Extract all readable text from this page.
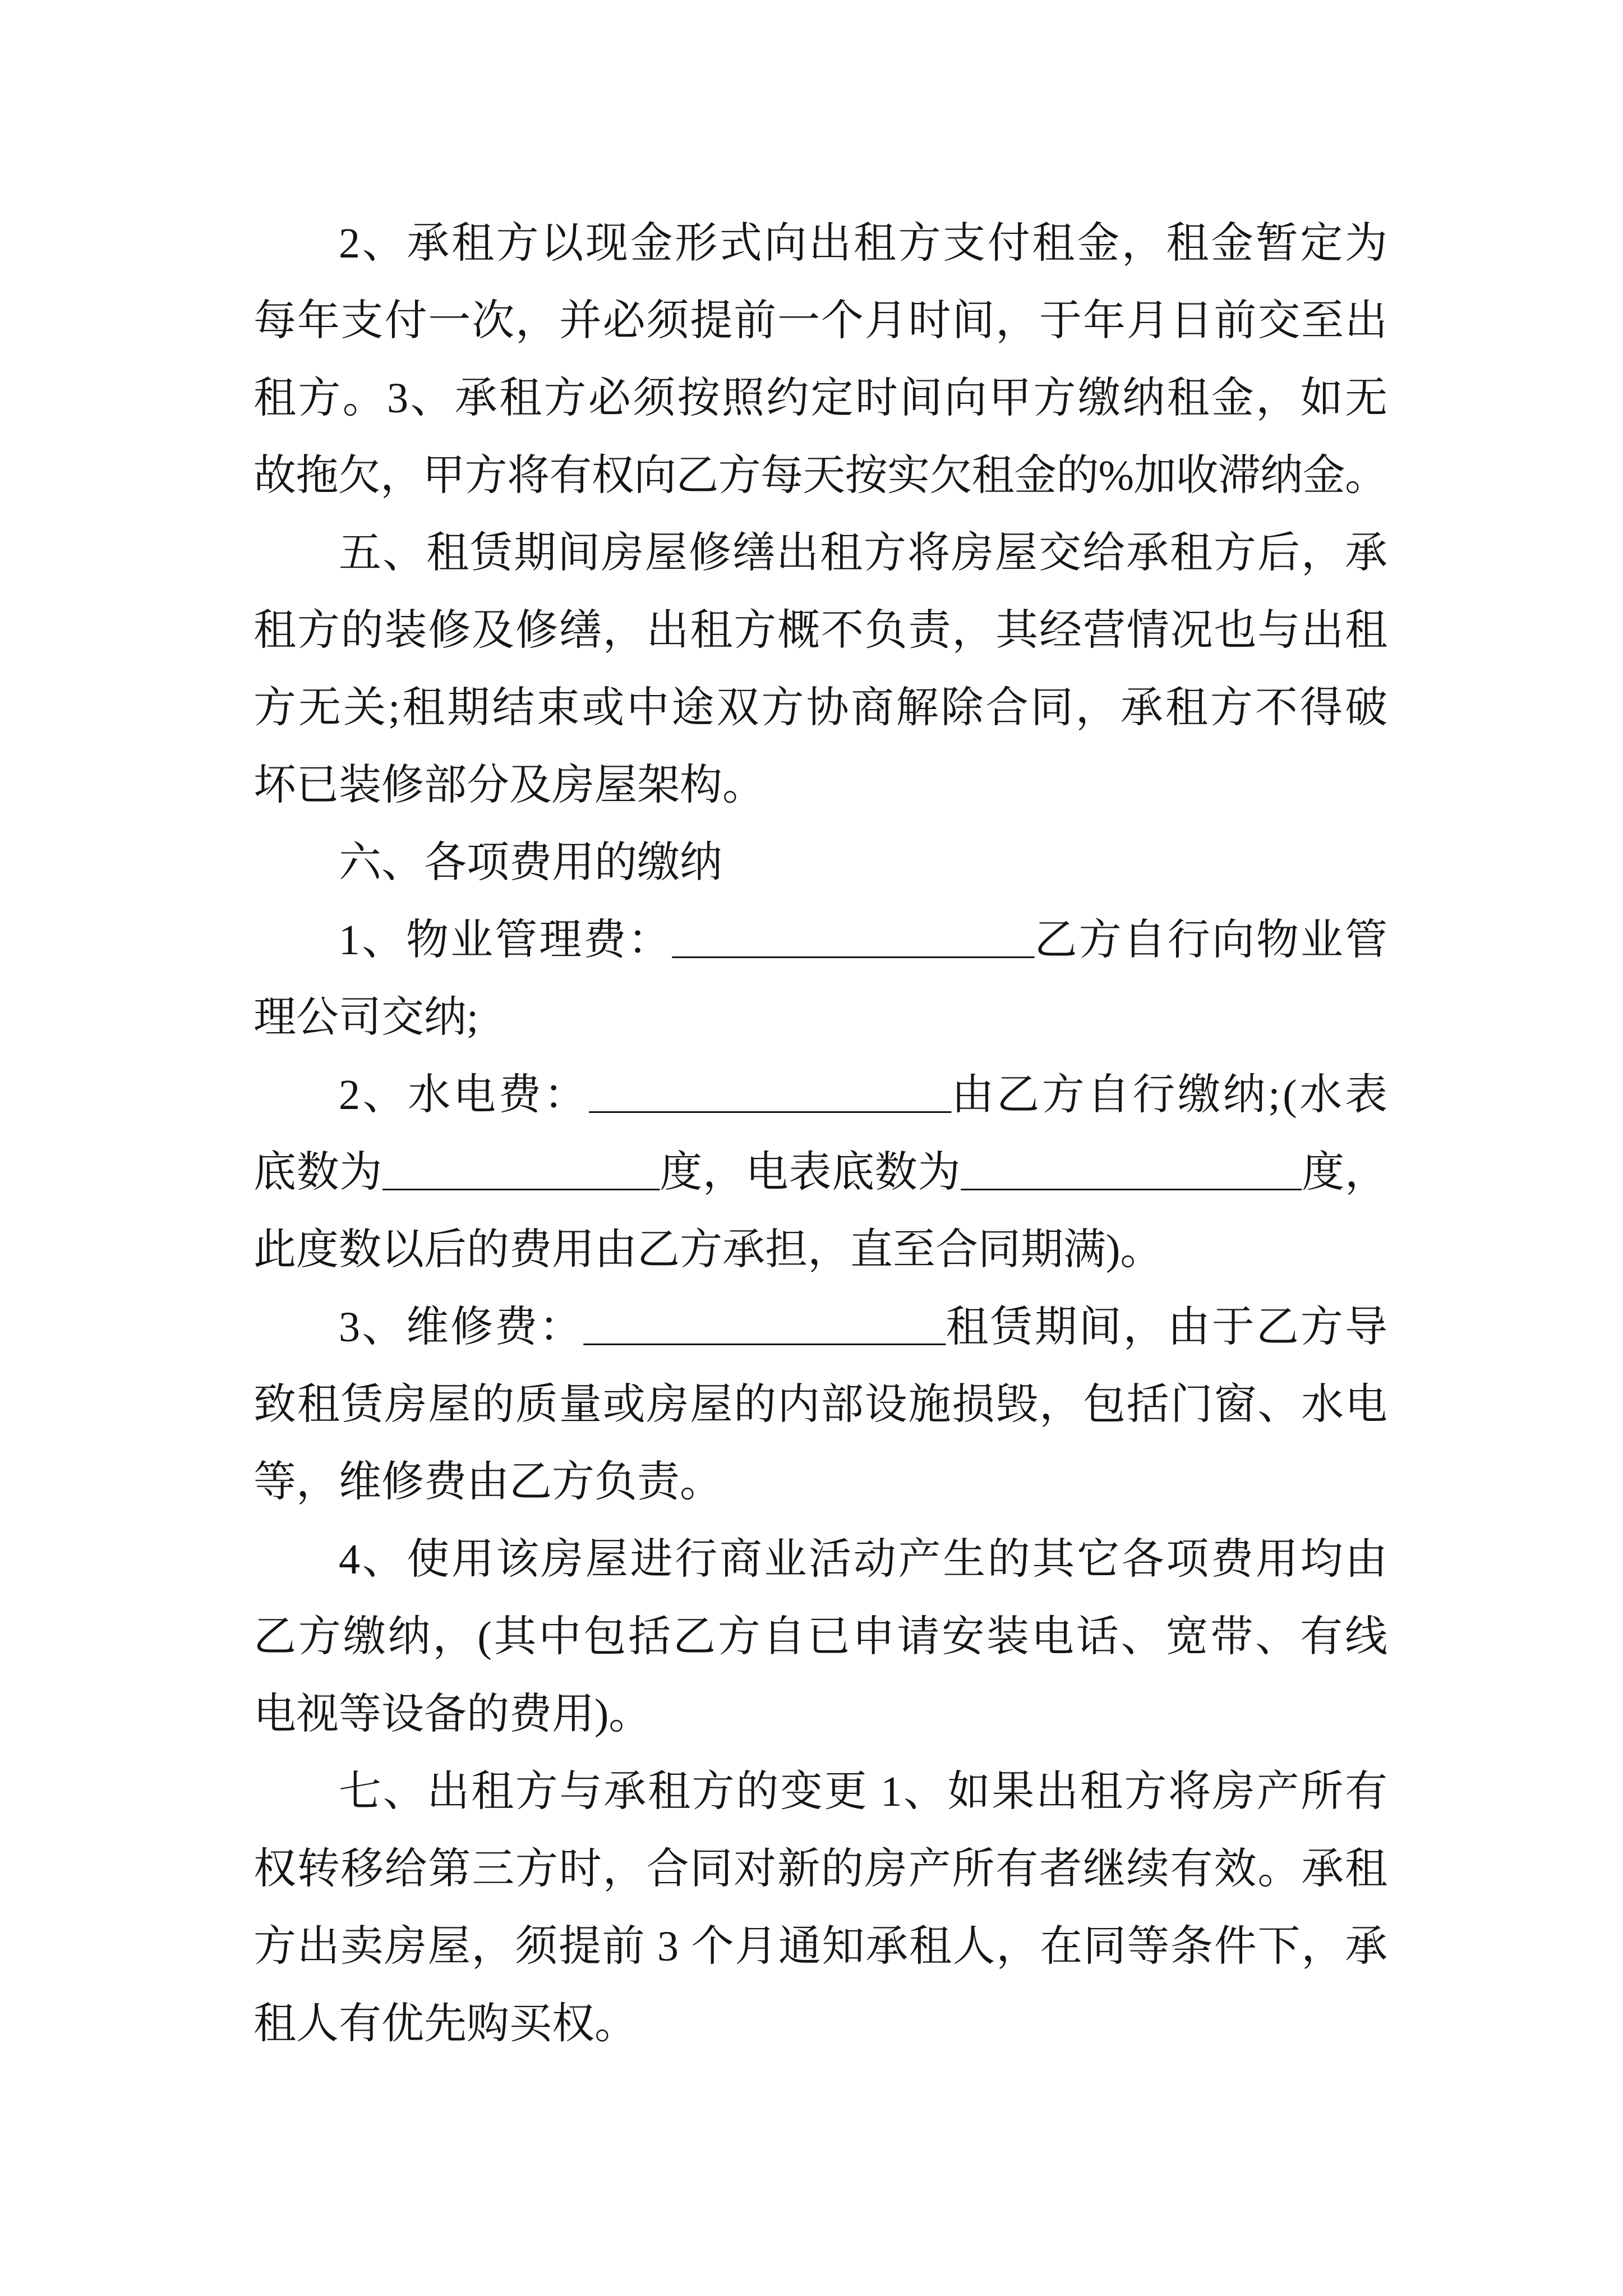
2、承租方以现金形式向出租方支付租金，租金暂定为
每年支付一次，并必须提前一个月时间，于年月日前交至出
租方。3、承租方必须按照约定时间向甲方缴纳租金，如无
故拖欠，甲方将有权向乙方每天按实欠租金的%加收滞纳金。
五、租赁期间房屋修缮出租方将房屋交给承租方后，承
租方的装修及修缮，出租方概不负责，其经营情况也与出租
方无关;租期结束或中途双方协商解除合同，承租方不得破
坏已装修部分及房屋架构。
六、各项费用的缴纳
1、物业管理费：_________________乙方自行向物业管
理公司交纳;
2、水电费：_________________由乙方自行缴纳;(水表
底数为_____________度，电表底数为________________度，
此度数以后的费用由乙方承担，直至合同期满)。
3、维修费：_________________租赁期间，由于乙方导
致租赁房屋的质量或房屋的内部设施损毁，包括门窗、水电
等，维修费由乙方负责。
4、使用该房屋进行商业活动产生的其它各项费用均由
乙方缴纳，(其中包括乙方自已申请安装电话、宽带、有线
电视等设备的费用)。
七、出租方与承租方的变更 1、如果出租方将房产所有
权转移给第三方时，合同对新的房产所有者继续有效。承租
方出卖房屋，须提前 3 个月通知承租人，在同等条件下，承
租人有优先购买权。
